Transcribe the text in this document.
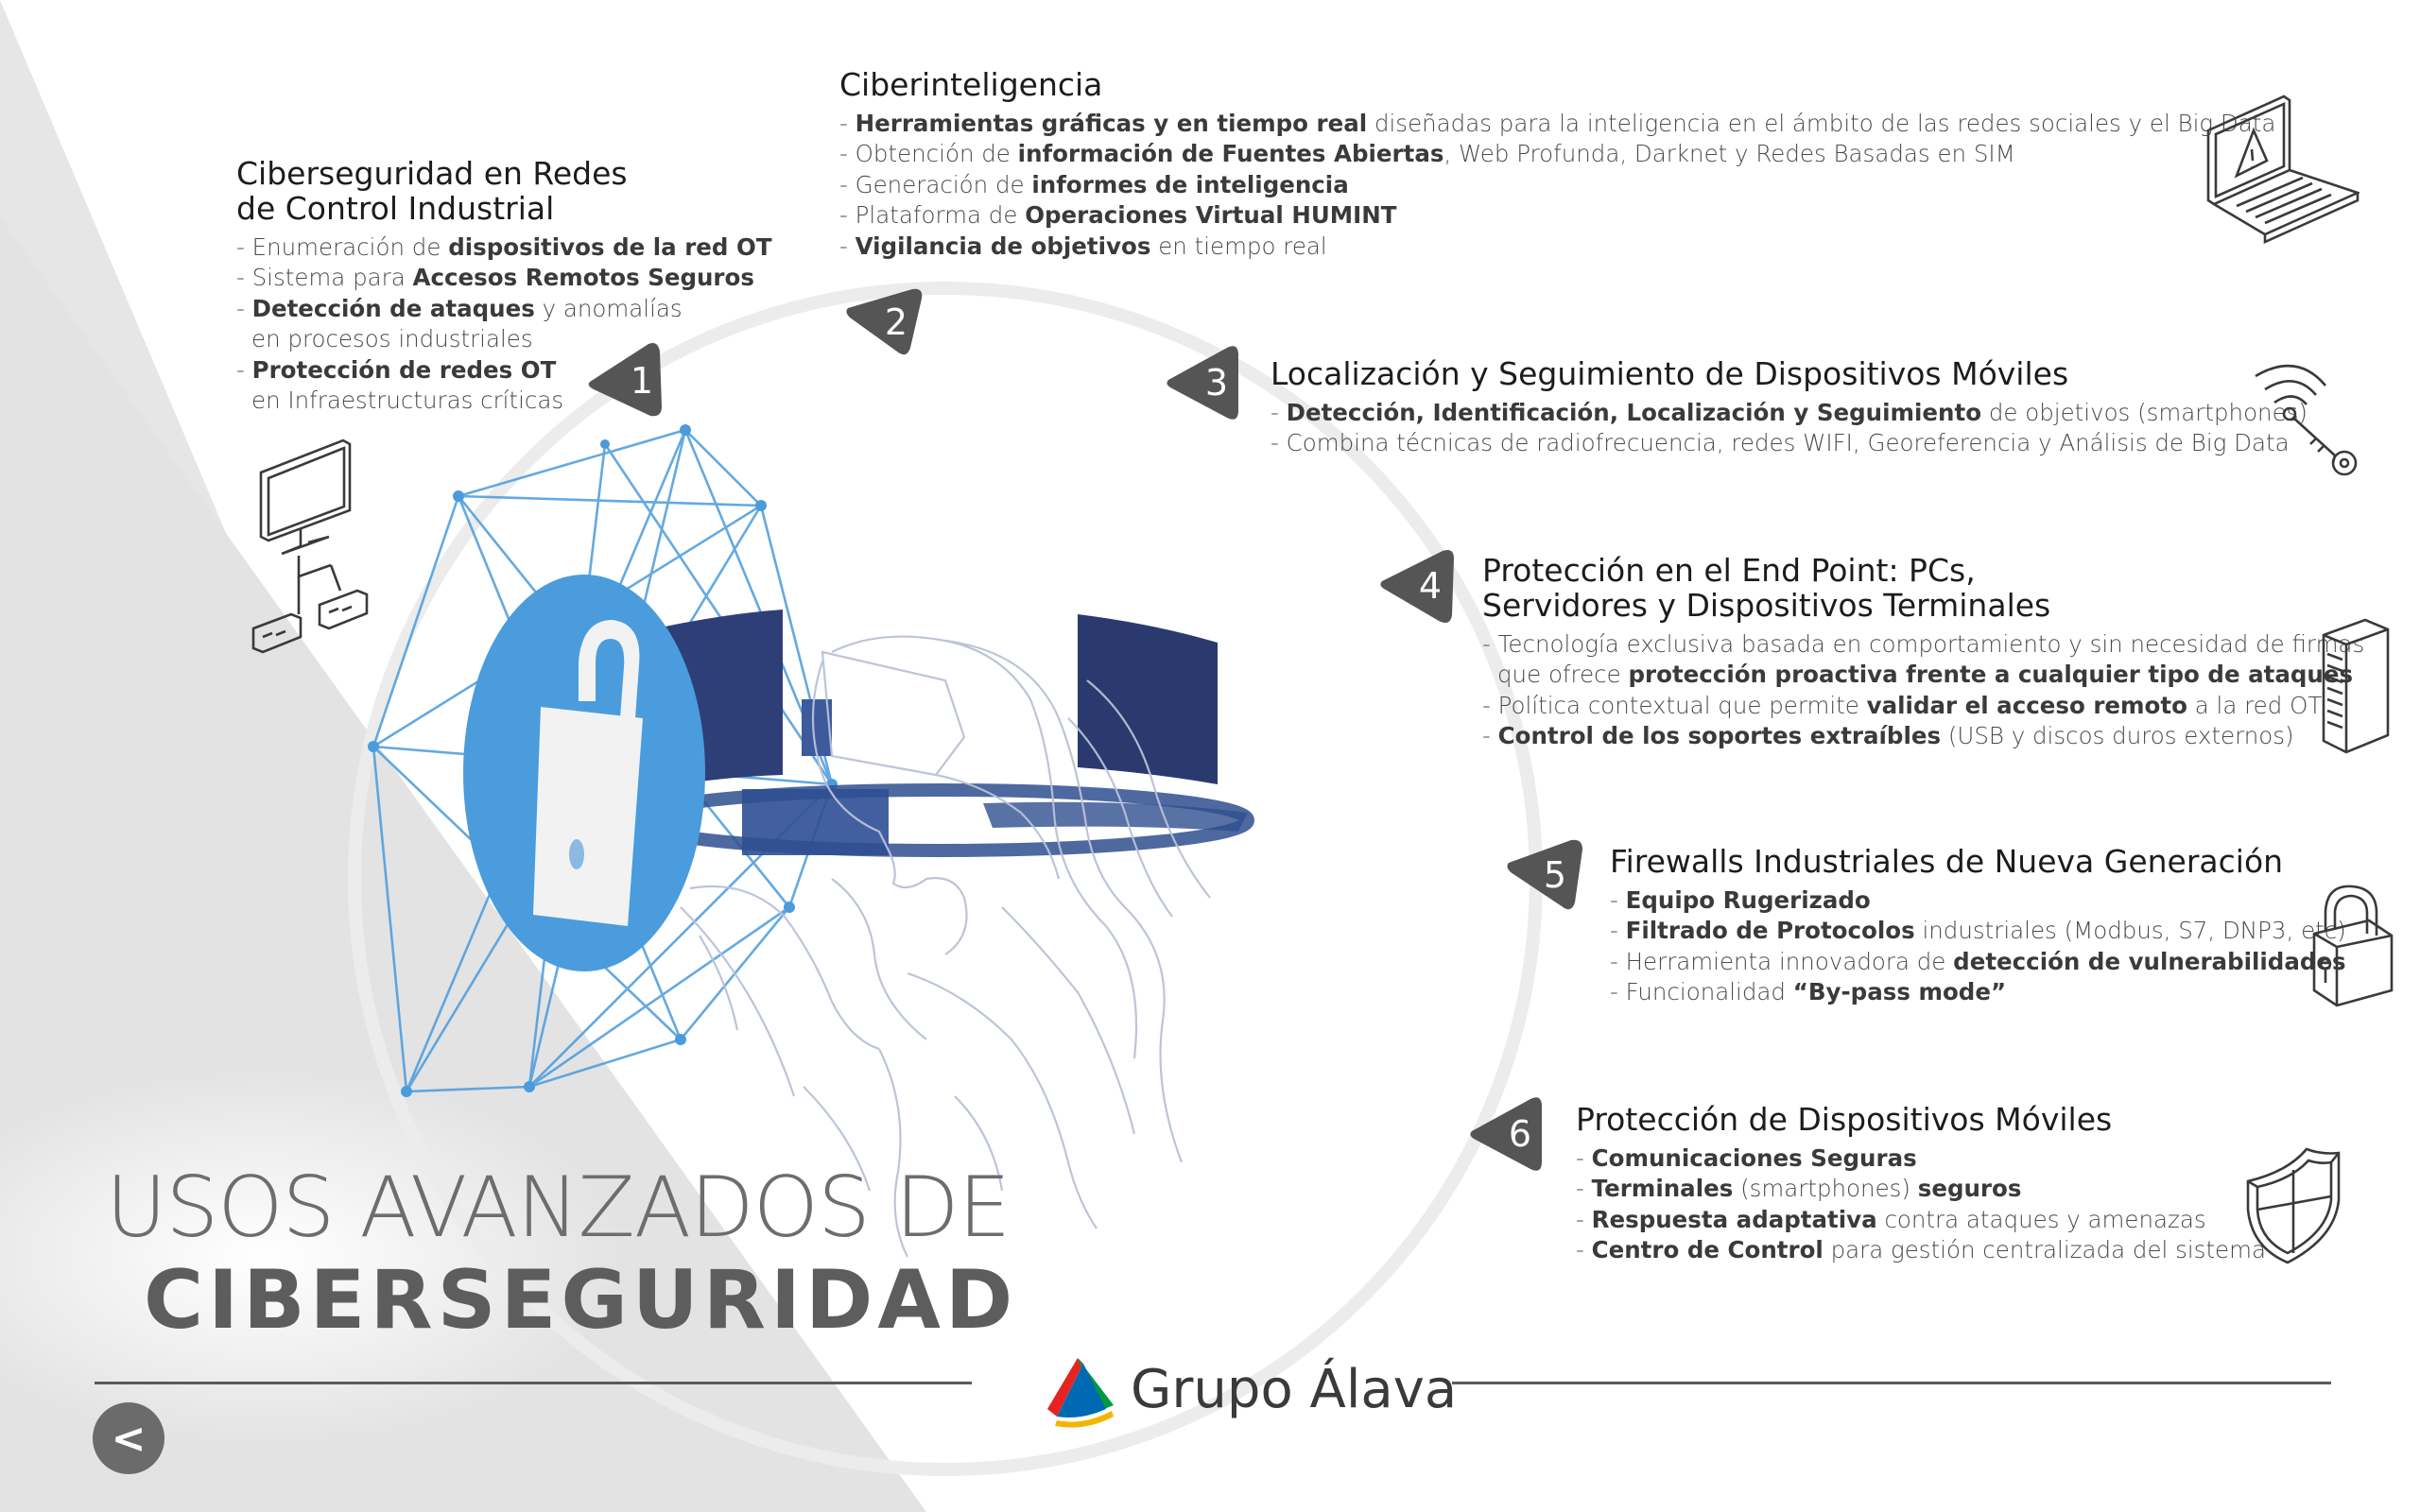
1
2
3
4
5
6
Ciberseguridad en Redes
de Control Industrial
- Enumeración de dispositivos de la red OT
- Sistema para Accesos Remotos Seguros
- Detección de ataques y anomalías
en procesos industriales
- Protección de redes OT
en Infraestructuras críticas
Ciberinteligencia
- Herramientas gráficas y en tiempo real diseñadas para la inteligencia en el ámbito de las redes sociales y el Big Data
- Obtención de información de Fuentes Abiertas, Web Profunda, Darknet y Redes Basadas en SIM
- Generación de informes de inteligencia
- Plataforma de Operaciones Virtual HUMINT
- Vigilancia de objetivos en tiempo real
Localización y Seguimiento de Dispositivos Móviles
- Detección, Identificación, Localización y Seguimiento de objetivos (smartphones)
- Combina técnicas de radiofrecuencia, redes WIFI, Georeferencia y Análisis de Big Data
Protección en el End Point: PCs,
Servidores y Dispositivos Terminales
- Tecnología exclusiva basada en comportamiento y sin necesidad de firmas
que ofrece protección proactiva frente a cualquier tipo de ataques
- Política contextual que permite validar el acceso remoto a la red OT
- Control de los soportes extraíbles (USB y discos duros externos)
Firewalls Industriales de Nueva Generación
- Equipo Rugerizado
- Filtrado de Protocolos industriales (Modbus, S7, DNP3, etc)
- Herramienta innovadora de detección de vulnerabilidades
- Funcionalidad “By-pass mode”
Protección de Dispositivos Móviles
- Comunicaciones Seguras
- Terminales (smartphones) seguros
- Respuesta adaptativa contra ataques y amenazas
- Centro de Control para gestión centralizada del sistema
USOS AVANZADOS DE
CIBERSEGURIDAD
Grupo Álava
<
